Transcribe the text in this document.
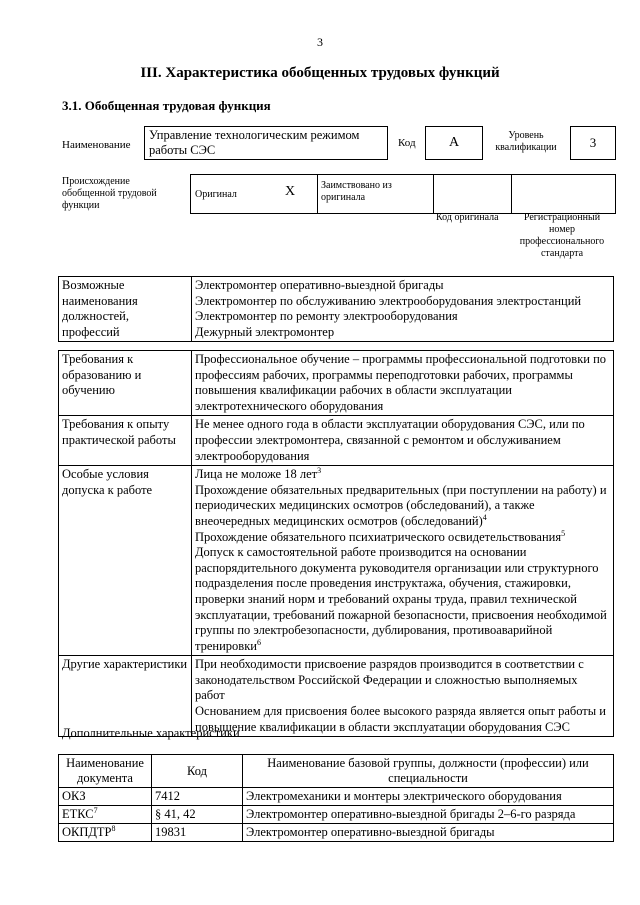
3
III. Характеристика обобщенных трудовых функций
3.1. Обобщенная трудовая функция
Наименование
Управление технологическим режимом работы СЭС	Код	A	Уровень квалификации	3
Происхождение обобщенной трудовой функции
Оригинал	X	Заимствовано из оригинала
Код оригинала	Регистрационный номер профессионального стандарта
Возможные наименования должностей, профессий	

Электромонтер оперативно-выездной бригады

Электромонтер по обслуживанию электрооборудования электростанций

Электромонтер по ремонту электрооборудования

Дежурный электромонтер

Требования к образованию и обучению	Профессиональное обучение – программы профессиональной подготовки по профессиям рабочих, программы переподготовки рабочих, программы повышения квалификации рабочих в области эксплуатации электротехнического оборудования
Требования к опыту практической работы	Не менее одного года в области эксплуатации оборудования СЭС, или по профессии электромонтера, связанной с ремонтом и обслуживанием электрооборудования
Особые условия допуска к работе	Лица не моложе 18 лет$^3$

Прохождение обязательных предварительных (при поступлении на работу) и периодических медицинских осмотров (обследований), а также внеочередных медицинских осмотров (обследований)$^4$

Прохождение обязательного психиатрического освидетельствования$^5$

Допуск к самостоятельной работе производится на основании распорядительного документа руководителя организации или структурного подразделения после проведения инструктажа, обучения, стажировки, проверки знаний норм и требований охраны труда, правил технической эксплуатации, требований пожарной безопасности, присвоения необходимой группы по электробезопасности, дублирования, противоаварийной тренировки$^6$

Другие характеристики	При необходимости присвоение разрядов производится в соответствии с законодательством Российской Федерации и сложностью выполняемых работ

Основанием для присвоения более высокого разряда является опыт работы и повышение квалификации в области эксплуатации оборудования СЭС

Дополнительные характеристики
Наименование документа	Код	Наименование базовой группы, должности (профессии) или специальности
ОКЗ	7412	Электромеханики и монтеры электрического оборудования
ЕТКС$^7$	§ 41, 42	Электромонтер оперативно-выездной бригады 2–6-го разряда
ОКПДТР$^8$	19831	Электромонтер оперативно-выездной бригады
